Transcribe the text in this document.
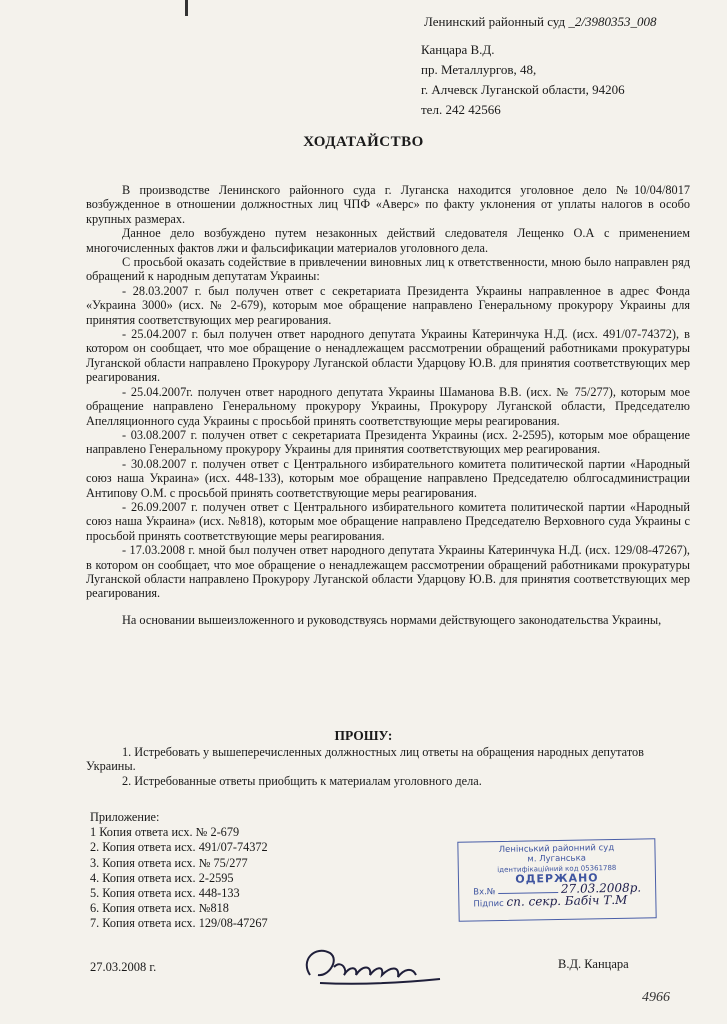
Ленинский районный суд _2/3980353_008
Канцара В.Д.
пр. Металлургов, 48,
г. Алчевск Луганской области, 94206
тел. 242 42566
ХОДАТАЙСТВО

В производстве Ленинского районного суда г. Луганска находится уголовное дело №10/04/8017 возбужденное в отношении должностных лиц ЧПФ «Аверс» по факту уклонения от уплаты налогов в особо крупных размерах.

Данное дело возбуждено путем незаконных действий следователя Лещенко О.А с применением многочисленных фактов лжи и фальсификации материалов уголовного дела.

С просьбой оказать содействие в привлечении виновных лиц к ответственности, мною было направлен ряд обращений к народным депутатам Украины:

- 28.03.2007 г. был получен ответ с секретариата Президента Украины направленное в адрес Фонда «Украина 3000» (исх. № 2-679), которым мое обращение направлено Генеральному прокурору Украины для принятия соответствующих мер реагирования.

- 25.04.2007 г. был получен ответ народного депутата Украины Катеринчука Н.Д. (исх. 491/07-74372), в котором он сообщает, что мое обращение о ненадлежащем рассмотрении обращений работниками прокуратуры Луганской области направлено Прокурору Луганской области Ударцову Ю.В. для принятия соответствующих мер реагирования.

- 25.04.2007г. получен ответ народного депутата Украины Шаманова В.В. (исх. № 75/277), которым мое обращение направлено Генеральному прокурору Украины, Прокурору Луганской области, Председателю Апелляционного суда Украины с просьбой принять соответствующие меры реагирования.

- 03.08.2007 г. получен ответ с секретариата Президента Украины (исх. 2-2595), которым мое обращение направлено Генеральному прокурору Украины для принятия соответствующих мер реагирования.

- 30.08.2007 г. получен ответ с Центрального избирательного комитета политической партии «Народный союз наша Украина» (исх. 448-133), которым мое обращение направлено Председателю облгосадминистрации Антипову О.М. с просьбой принять соответствующие меры реагирования.

- 26.09.2007 г. получен ответ с Центрального избирательного комитета политической партии «Народный союз наша Украина» (исх. №818), которым мое обращение направлено Председателю Верховного суда Украины с просьбой принять соответствующие меры реагирования.

- 17.03.2008 г. мной был получен ответ народного депутата Украины Катеринчука Н.Д. (исх. 129/08-47267), в котором он сообщает, что мое обращение о ненадлежащем рассмотрении обращений работниками прокуратуры Луганской области направлено Прокурору Луганской области Ударцову Ю.В. для принятия соответствующих мер реагирования.

На основании вышеизложенного и руководствуясь нормами действующего законодательства Украины,

ПРОШУ:

1. Истребовать у вышеперечисленных должностных лиц ответы на обращения народных депутатов Украины.

2. Истребованные ответы приобщить к материалам уголовного дела.

Приложение:
1 Копия ответа исх. № 2-679
2. Копия ответа исх. 491/07-74372
3. Копия ответа исх. № 75/277
4. Копия ответа исх. 2-2595
5. Копия ответа исх. 448-133
6. Копия ответа исх. №818
7. Копия ответа исх. 129/08-47267
Ленінський районний суд
м. Луганська
ідентифікаційний код 05361788
ОДЕРЖАНО
Вх.№	27.03.2008р.
Підпис сп. секр. Бабіч Т.М
27.03.2008 г.	В.Д. Канцара
4966
